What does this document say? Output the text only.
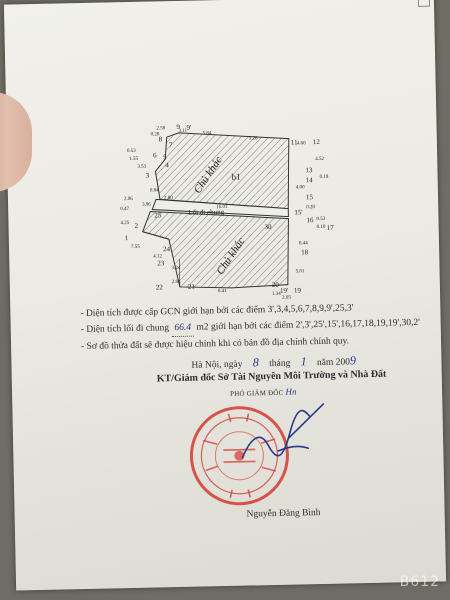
Chủ khác b1
Lối đi chung
Chủ khác
9 9'
8
7
6 5
4
3
11 12
13
14
15
15'
16
17
18
19
19'
20
21
22
23
24
1
2
25
30
2.58	3.11	5.84
5.26
4.60
0.28
4.52
0.19
4.00
0.20
0.53
0.10
8.44
5.01
8.41
2.84
3.24
4.12
7.55
4.25
0.47
2.06
3.96
1.55
0.53
3.53
2.80
16.01
0.84
1.34
2.05
- Diện tích được cấp GCN giới hạn bởi các điểm 3',3,4,5,6,7,8,9,9',25,3'
- Diện tích lối đi chung 66.4 m2 giới hạn bởi các điểm 2',3',25',15',16,17,18,19,19',30,2'
- Sơ đồ thửa đất sẽ được hiệu chỉnh khi có bản đồ địa chính chính quy.
Hà Nội, ngày 8 tháng 1 năm 2009
KT/Giám đốc Sở Tài Nguyên Môi Trường và Nhà Đất
PHÓ GIÁM ĐỐC Hn
Nguyễn Đăng Bình
B612
